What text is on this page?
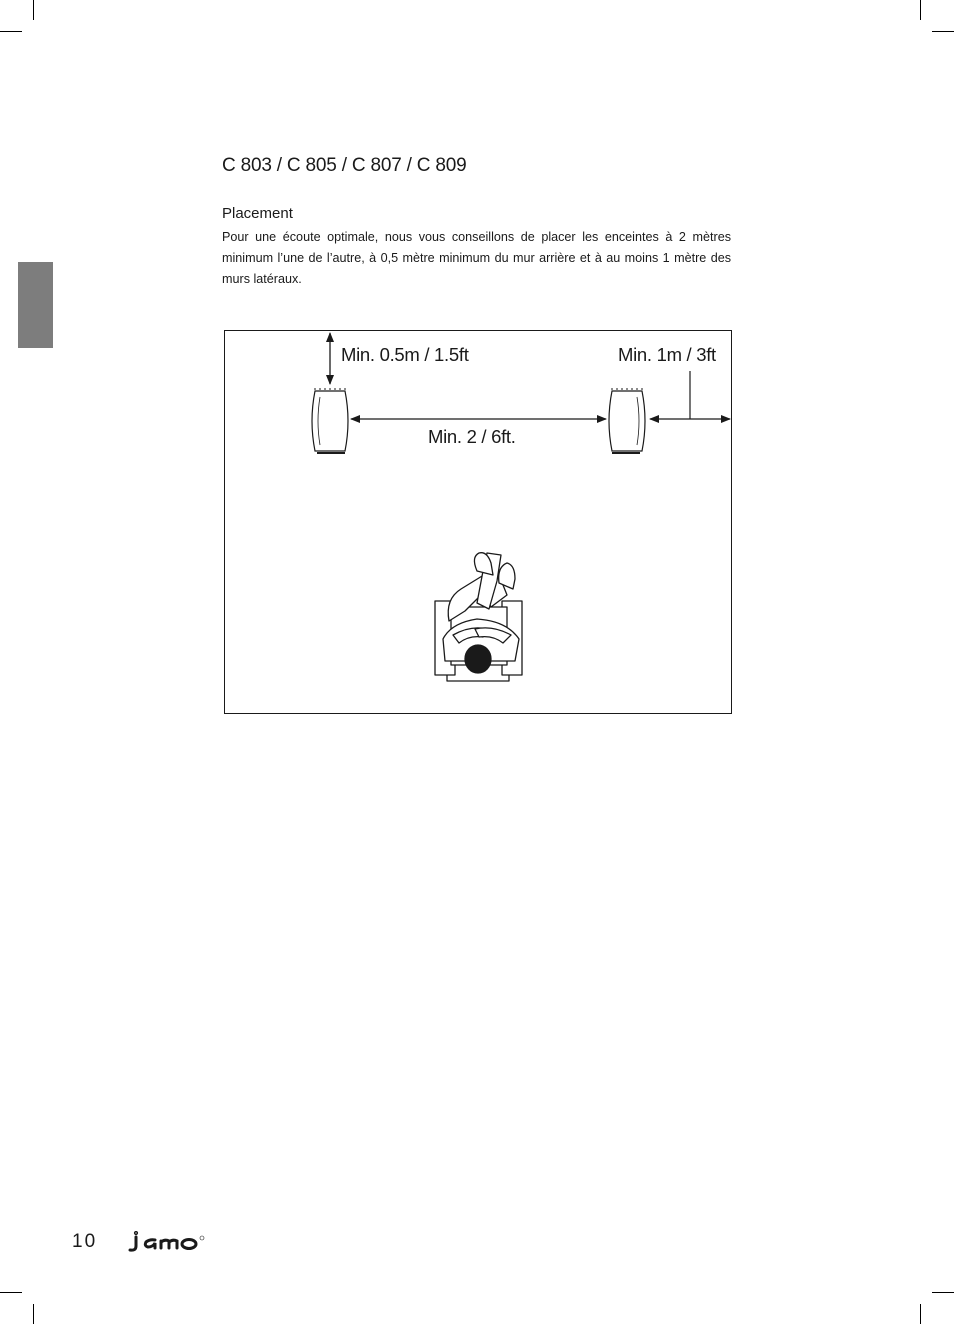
C 803 / C 805 / C 807 / C 809
Placement
Pour une écoute optimale, nous vous conseillons de placer les enceintes à 2 mètres minimum l’une de l’autre, à 0,5 mètre minimum du mur arrière et à au moins 1 mètre des murs latéraux.
Min. 0.5m / 1.5ft	Min. 1m / 3ft
Min. 2 / 6ft.
10
